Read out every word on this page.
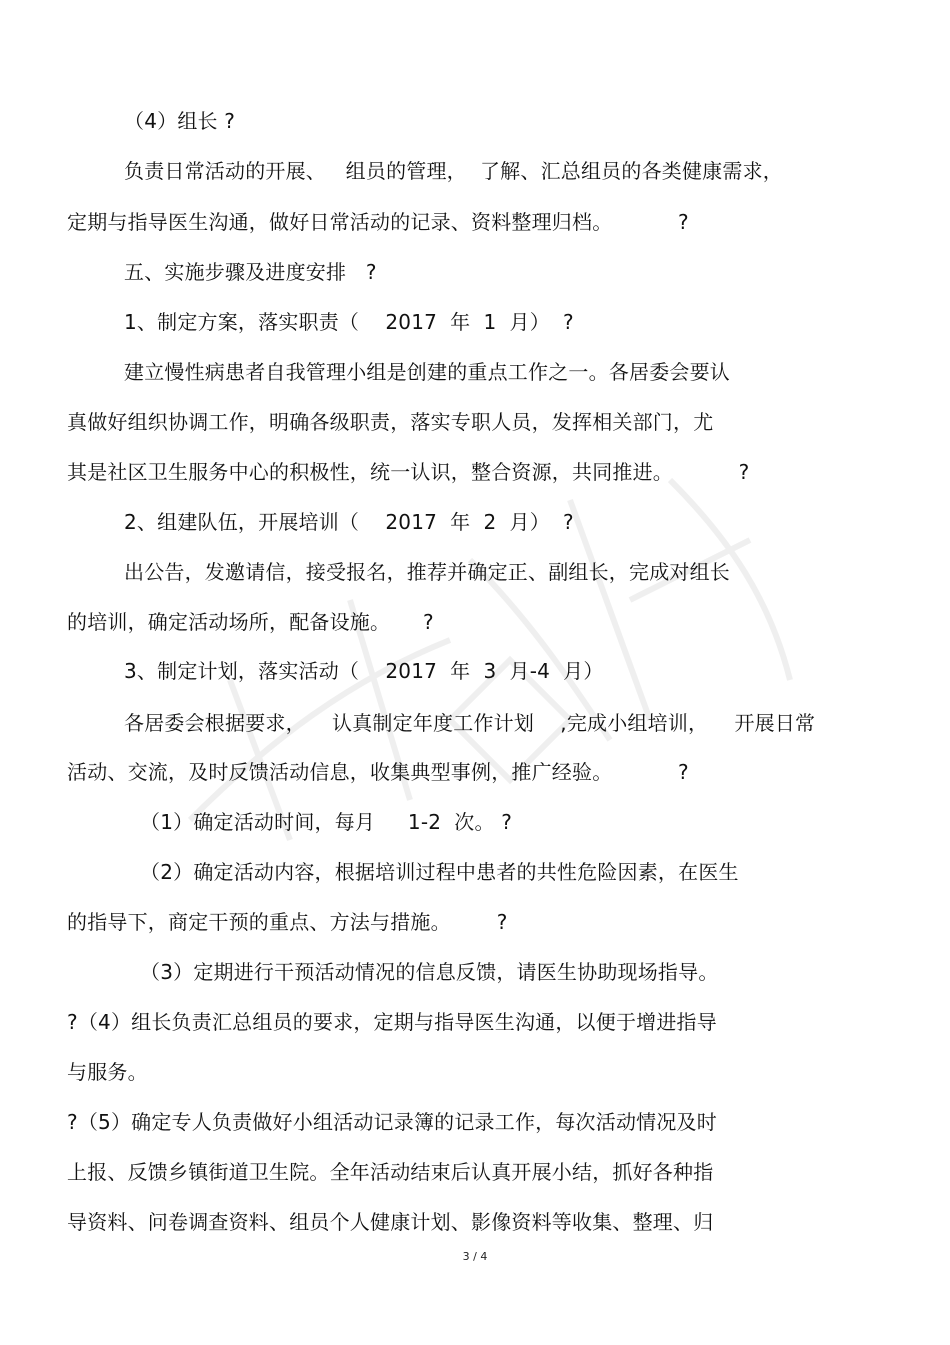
（4）组长 ?
负责日常活动的开展、   组员的管理，  了解、汇总组员的各类健康需求，
定期与指导医生沟通，做好日常活动的记录、资料整理归档。          ?
五、实施步骤及进度安排   ?
1、制定方案，落实职责（    2017  年  1  月）  ?
建立慢性病患者自我管理小组是创建的重点工作之一。各居委会要认
真做好组织协调工作，明确各级职责，落实专职人员，发挥相关部门，尤
其是社区卫生服务中心的积极性，统一认识，整合资源，共同推进。          ?
2、组建队伍，开展培训（    2017  年  2  月）  ?
出公告，发邀请信，接受报名，推荐并确定正、副组长，完成对组长
的培训，确定活动场所，配备设施。     ?
3、制定计划，落实活动（    2017  年  3  月-4  月）
各居委会根据要求，    认真制定年度工作计划    ,完成小组培训，    开展日常
活动、交流，及时反馈活动信息，收集典型事例，推广经验。          ?
（1）确定活动时间，每月     1-2  次。 ?
（2）确定活动内容，根据培训过程中患者的共性危险因素，在医生
的指导下，商定干预的重点、方法与措施。       ?
（3）定期进行干预活动情况的信息反馈，请医生协助现场指导。
?（4）组长负责汇总组员的要求，定期与指导医生沟通，以便于增进指导
与服务。
?（5）确定专人负责做好小组活动记录簿的记录工作，每次活动情况及时
上报、反馈乡镇街道卫生院。全年活动结束后认真开展小结，抓好各种指
导资料、问卷调查资料、组员个人健康计划、影像资料等收集、整理、归
3 / 4
